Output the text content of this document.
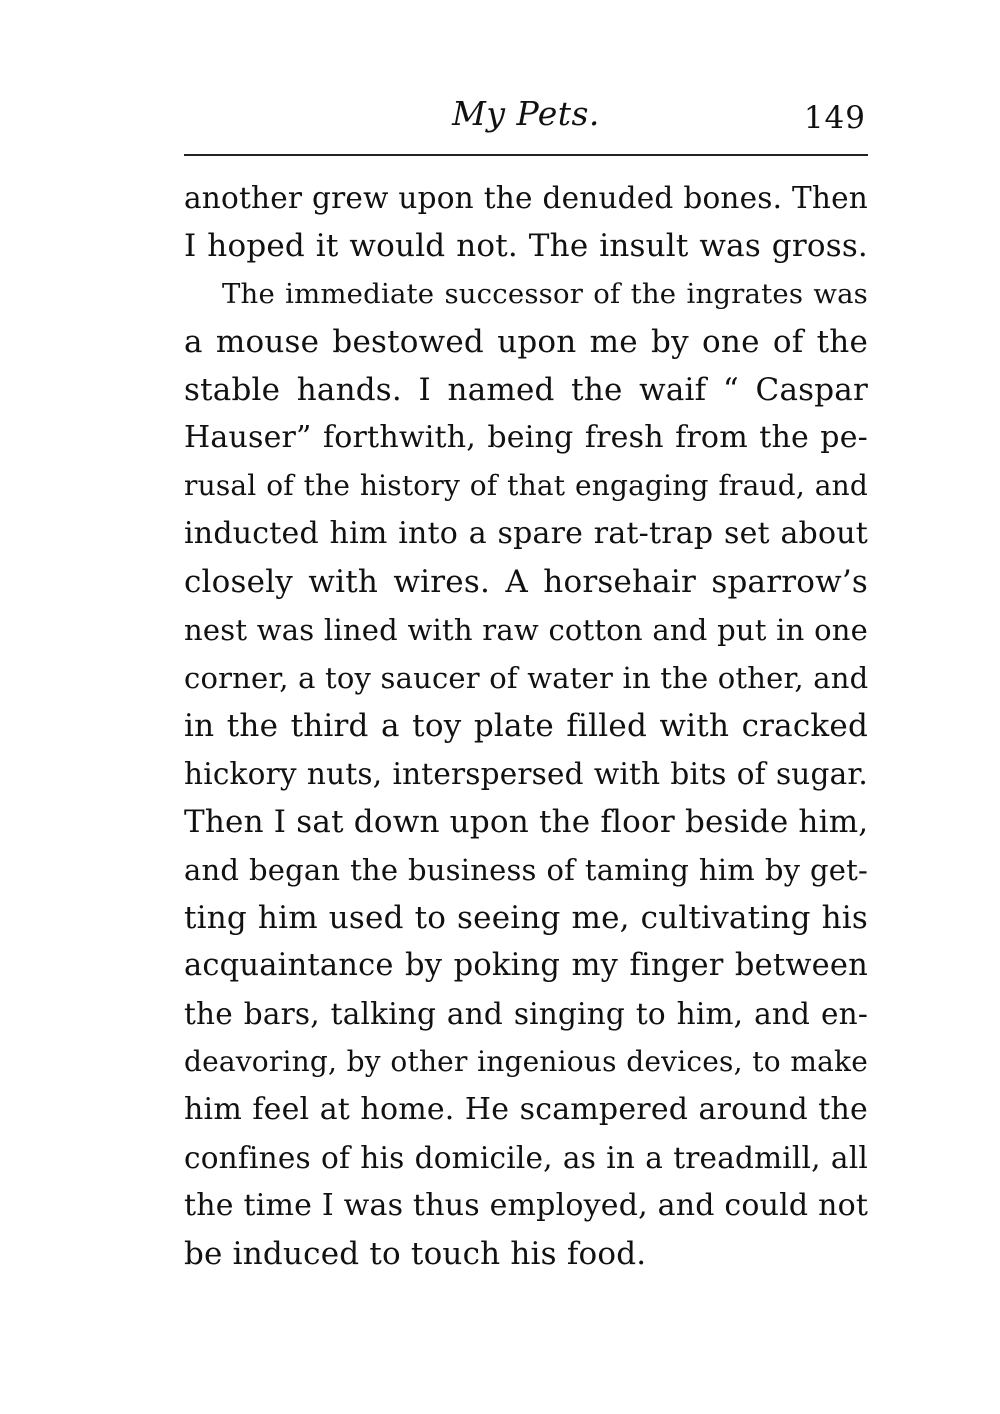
My Pets.	149
another grew upon the denuded bones. Then
I hoped it would not. The insult was gross.
The immediate successor of the ingrates was
a mouse bestowed upon me by one of the
stable hands. I named the waif “ Caspar
Hauser” forthwith, being fresh from the pe-
rusal of the history of that engaging fraud, and
inducted him into a spare rat-trap set about
closely with wires. A horsehair sparrow’s
nest was lined with raw cotton and put in one
corner, a toy saucer of water in the other, and
in the third a toy plate filled with cracked
hickory nuts, interspersed with bits of sugar.
Then I sat down upon the floor beside him,
and began the business of taming him by get-
ting him used to seeing me, cultivating his
acquaintance by poking my finger between
the bars, talking and singing to him, and en-
deavoring, by other ingenious devices, to make
him feel at home. He scampered around the
confines of his domicile, as in a treadmill, all
the time I was thus employed, and could not
be induced to touch his food.
